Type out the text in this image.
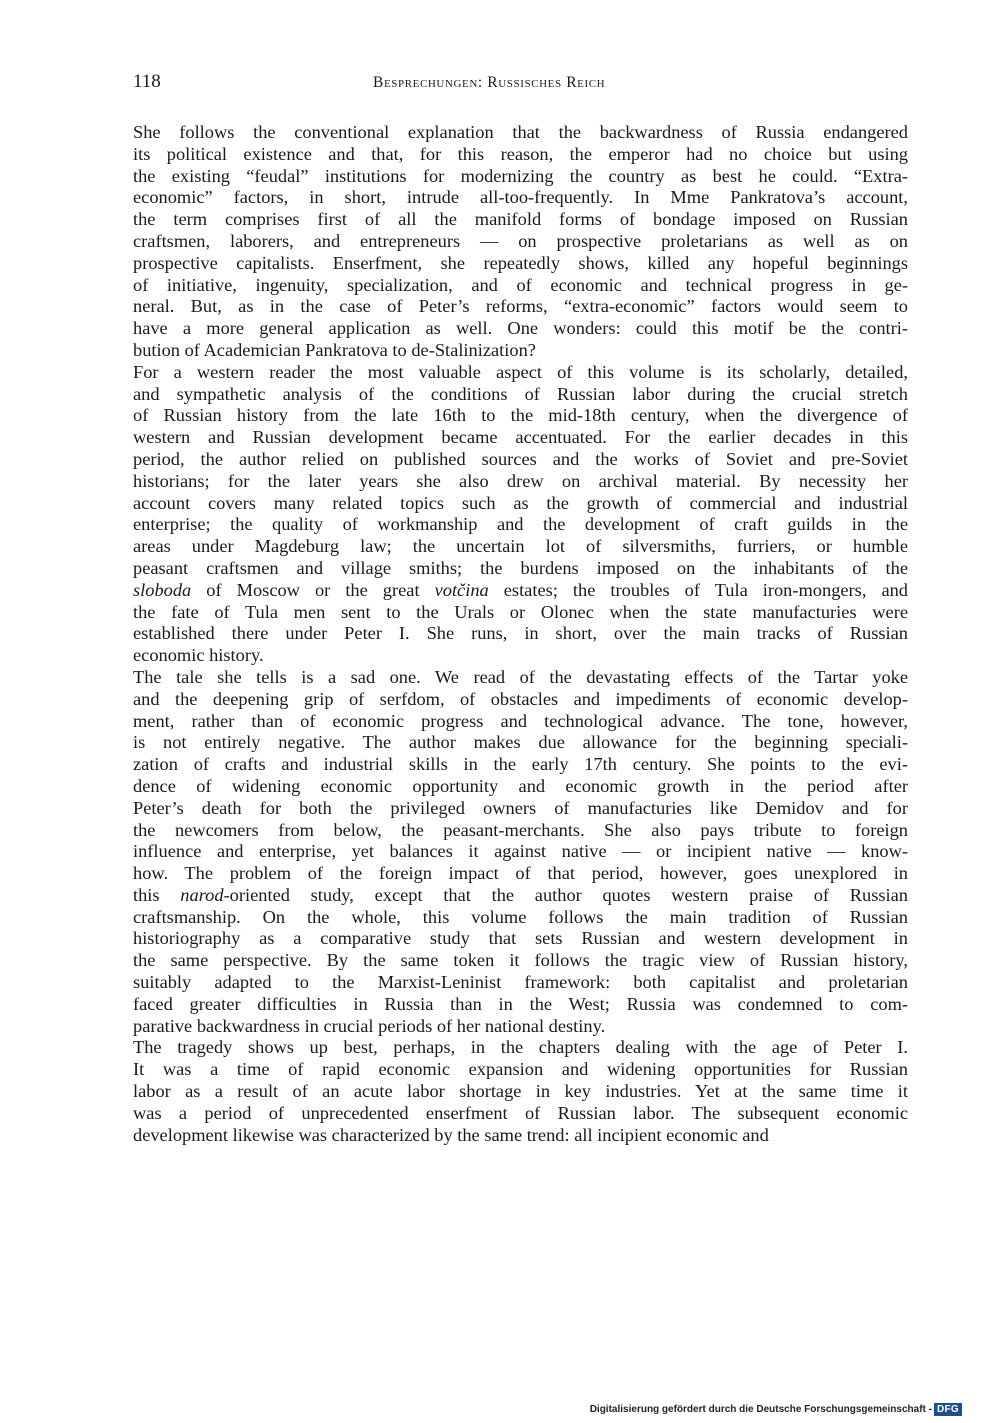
118	Besprechungen: Russisches Reich
She follows the conventional explanation that the backwardness of Russia endangered
its political existence and that, for this reason, the emperor had no choice but using
the existing “feudal” institutions for modernizing the country as best he could. “Extra-
economic” factors, in short, intrude all-too-frequently. In Mme Pankratova’s account,
the term comprises first of all the manifold forms of bondage imposed on Russian
craftsmen, laborers, and entrepreneurs — on prospective proletarians as well as on
prospective capitalists. Enserfment, she repeatedly shows, killed any hopeful beginnings
of initiative, ingenuity, specialization, and of economic and technical progress in ge-
neral. But, as in the case of Peter’s reforms, “extra-economic” factors would seem to
have a more general application as well. One wonders: could this motif be the contri-
bution of Academician Pankratova to de-Stalinization?
For a western reader the most valuable aspect of this volume is its scholarly, detailed,
and sympathetic analysis of the conditions of Russian labor during the crucial stretch
of Russian history from the late 16th to the mid-18th century, when the divergence of
western and Russian development became accentuated. For the earlier decades in this
period, the author relied on published sources and the works of Soviet and pre-Soviet
historians; for the later years she also drew on archival material. By necessity her
account covers many related topics such as the growth of commercial and industrial
enterprise; the quality of workmanship and the development of craft guilds in the
areas under Magdeburg law; the uncertain lot of silversmiths, furriers, or humble
peasant craftsmen and village smiths; the burdens imposed on the inhabitants of the
sloboda of Moscow or the great votčina estates; the troubles of Tula iron-mongers, and
the fate of Tula men sent to the Urals or Olonec when the state manufacturies were
established there under Peter I. She runs, in short, over the main tracks of Russian
economic history.
The tale she tells is a sad one. We read of the devastating effects of the Tartar yoke
and the deepening grip of serfdom, of obstacles and impediments of economic develop-
ment, rather than of economic progress and technological advance. The tone, however,
is not entirely negative. The author makes due allowance for the beginning speciali-
zation of crafts and industrial skills in the early 17th century. She points to the evi-
dence of widening economic opportunity and economic growth in the period after
Peter’s death for both the privileged owners of manufacturies like Demidov and for
the newcomers from below, the peasant-merchants. She also pays tribute to foreign
influence and enterprise, yet balances it against native — or incipient native — know-
how. The problem of the foreign impact of that period, however, goes unexplored in
this narod-oriented study, except that the author quotes western praise of Russian
craftsmanship. On the whole, this volume follows the main tradition of Russian
historiography as a comparative study that sets Russian and western development in
the same perspective. By the same token it follows the tragic view of Russian history,
suitably adapted to the Marxist-Leninist framework: both capitalist and proletarian
faced greater difficulties in Russia than in the West; Russia was condemned to com-
parative backwardness in crucial periods of her national destiny.
The tragedy shows up best, perhaps, in the chapters dealing with the age of Peter I.
It was a time of rapid economic expansion and widening opportunities for Russian
labor as a result of an acute labor shortage in key industries. Yet at the same time it
was a period of unprecedented enserfment of Russian labor. The subsequent economic
development likewise was characterized by the same trend: all incipient economic and
Digitalisierung gefördert durch die Deutsche Forschungsgemeinschaft - DFG
